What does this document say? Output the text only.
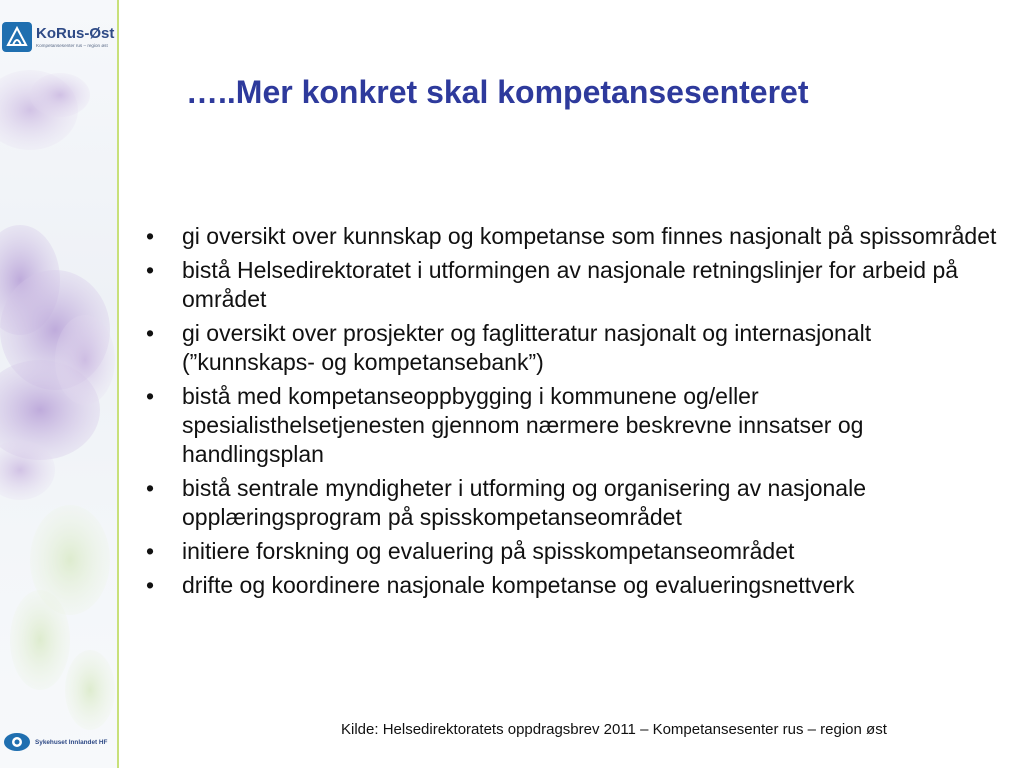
KoRus-Øst
Kompetansesenter rus – region øst
Sykehuset Innlandet HF
…..Mer konkret skal kompetansesenteret
•	gi oversikt over kunnskap og kompetanse som finnes nasjonalt på spissområdet
•	bistå Helsedirektoratet i utformingen av nasjonale retningslinjer for arbeid på området
•	gi oversikt over prosjekter og faglitteratur nasjonalt og internasjonalt (”kunnskaps- og kompetansebank”)
•	bistå med kompetanseoppbygging i kommunene og/eller spesialisthelsetjenesten gjennom nærmere beskrevne innsatser og handlingsplan
•	bistå sentrale myndigheter i utforming og organisering av nasjonale opplæringsprogram på spisskompetanseområdet
•	initiere forskning og evaluering på spisskompetanseområdet
•	drifte og koordinere nasjonale kompetanse og evalueringsnettverk
Kilde: Helsedirektoratets oppdragsbrev 2011 – Kompetansesenter rus – region øst
